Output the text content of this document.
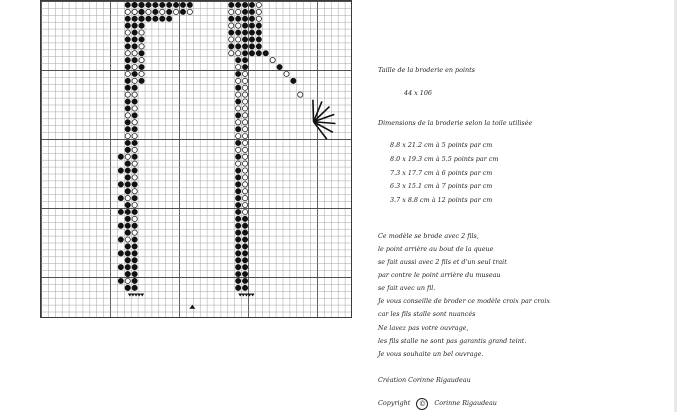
Taille de la broderie en points
44 x 106
Dimensions de la broderie selon la toile utilisée
8.8 x 21.2 cm à 5 points par cm
8.0 x 19.3 cm à 5.5 points par cm
7.3 x 17.7 cm à 6 points par cm
6.3 x 15.1 cm à 7 points par cm
3.7 x 8.8 cm à 12 points par cm
Ce modèle se brode avec 2 fils,
le point arrière au bout de la queue
se fait aussi avec 2 fils et d'un seul trait
par contre le point arrière du museau
se fait avec un fil.
Je vous conseille de broder ce modèle croix par croix
car les fils stalle sont nuancés
Ne lavez pas votre ouvrage,
les fils stalle ne sont pas garantis grand teint.
Je vous souhaite un bel ouvrage.
Création Corinne Rigaudeau
Copyright	©	Corinne Rigaudeau
